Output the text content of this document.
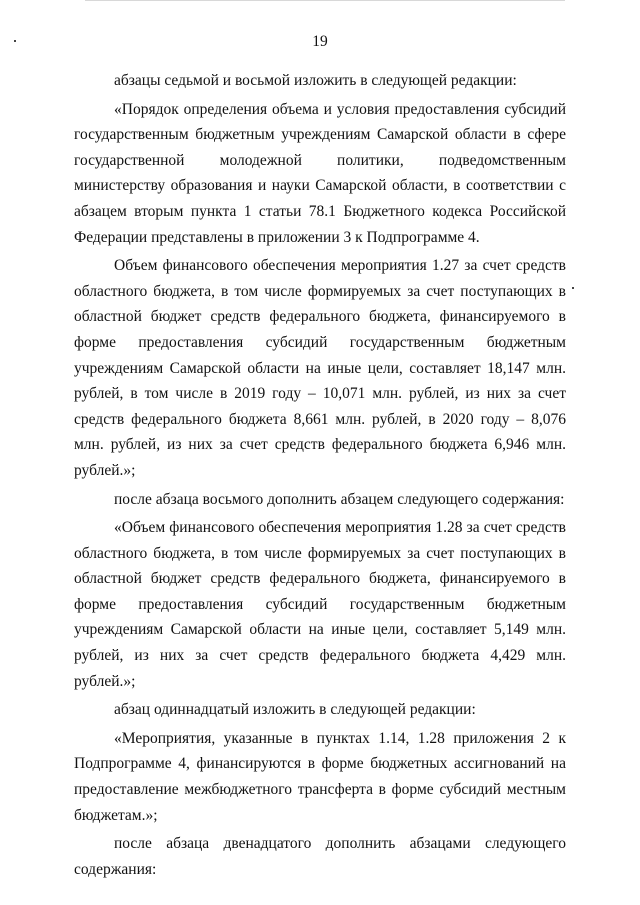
19

абзацы седьмой и восьмой изложить в следующей редакции:

«Порядок определения объема и условия предоставления субсидий государственным бюджетным учреждениям Самарской области в сфере государственной молодежной политики, подведомственным министерству образования и науки Самарской области, в соответствии с абзацем вторым пункта 1 статьи 78.1 Бюджетного кодекса Российской Федерации представлены в приложении 3 к Подпрограмме 4.

Объем финансового обеспечения мероприятия 1.27 за счет средств областного бюджета, в том числе формируемых за счет поступающих в областной бюджет средств федерального бюджета, финансируемого в форме предоставления субсидий государственным бюджетным учреждениям Самарской области на иные цели, составляет 18,147 млн. рублей, в том числе в 2019 году – 10,071 млн. рублей, из них за счет средств федерального бюджета 8,661 млн. рублей, в 2020 году – 8,076 млн. рублей, из них за счет средств федерального бюджета 6,946 млн. рублей.»;

после абзаца восьмого дополнить абзацем следующего содержания:

«Объем финансового обеспечения мероприятия 1.28 за счет средств областного бюджета, в том числе формируемых за счет поступающих в областной бюджет средств федерального бюджета, финансируемого в форме предоставления субсидий государственным бюджетным учреждениям Самарской области на иные цели, составляет 5,149 млн. рублей, из них за счет средств федерального бюджета 4,429 млн. рублей.»;

абзац одиннадцатый изложить в следующей редакции:

«Мероприятия, указанные в пунктах 1.14, 1.28 приложения 2 к Подпрограмме 4, финансируются в форме бюджетных ассигнований на предоставление межбюджетного трансферта в форме субсидий местным бюджетам.»;

после абзаца двенадцатого дополнить абзацами следующего содержания:
